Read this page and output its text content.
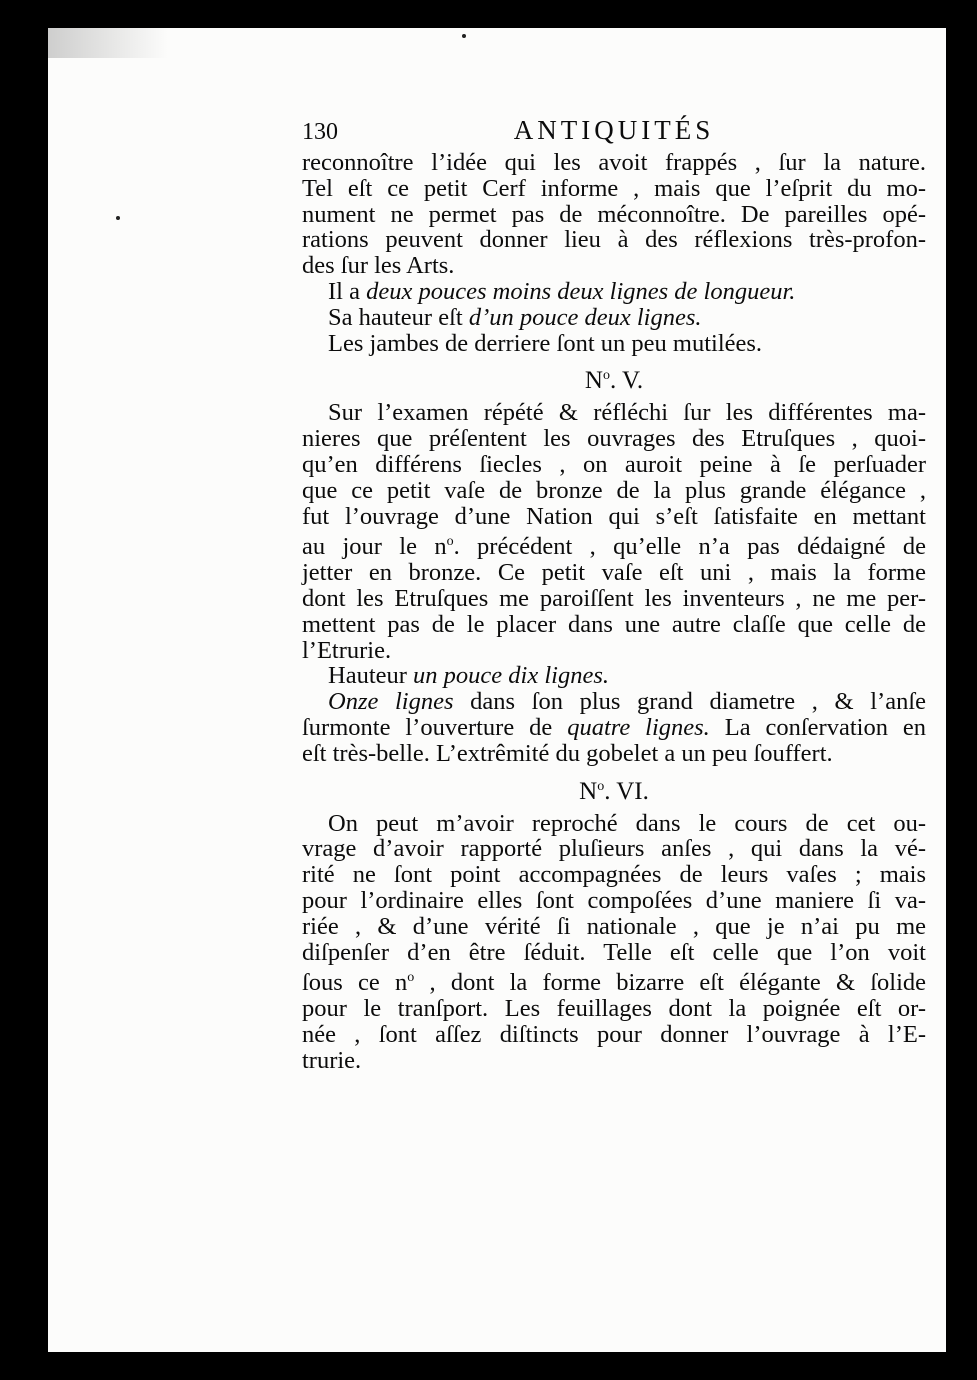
130	ANTIQUITÉS
reconnoître l’idée qui les avoit frappés , ſur la nature.
Tel eſt ce petit Cerf informe , mais que l’eſprit du mo-
nument ne permet pas de méconnoître. De pareilles opé-
rations peuvent donner lieu à des réflexions très-profon-
des ſur les Arts.
Il a deux pouces moins deux lignes de longueur.
Sa hauteur eſt d’un pouce deux lignes.
Les jambes de derriere ſont un peu mutilées.
$N^o$. V.
Sur l’examen répété & réfléchi ſur les différentes ma-
nieres que préſentent les ouvrages des Etruſques , quoi-
qu’en différens ſiecles , on auroit peine à ſe perſuader
que ce petit vaſe de bronze de la plus grande élégance ,
fut l’ouvrage d’une Nation qui s’eſt ſatisfaite en mettant
au jour le $n^o$. précédent , qu’elle n’a pas dédaigné de
jetter en bronze. Ce petit vaſe eſt uni , mais la forme
dont les Etruſques me paroiſſent les inventeurs , ne me per-
mettent pas de le placer dans une autre claſſe que celle de
l’Etrurie.
Hauteur un pouce dix lignes.
Onze lignes dans ſon plus grand diametre , & l’anſe
ſurmonte l’ouverture de quatre lignes. La conſervation en
eſt très-belle. L’extrêmité du gobelet a un peu ſouffert.
$N^o$. VI.
On peut m’avoir reproché dans le cours de cet ou-
vrage d’avoir rapporté pluſieurs anſes , qui dans la vé-
rité ne ſont point accompagnées de leurs vaſes ; mais
pour l’ordinaire elles ſont compoſées d’une maniere ſi va-
riée , & d’une vérité ſi nationale , que je n’ai pu me
diſpenſer d’en être ſéduit. Telle eſt celle que l’on voit
ſous ce $n^o$ , dont la forme bizarre eſt élégante & ſolide
pour le tranſport. Les feuillages dont la poignée eſt or-
née , ſont aſſez diſtincts pour donner l’ouvrage à l’E-
trurie.
